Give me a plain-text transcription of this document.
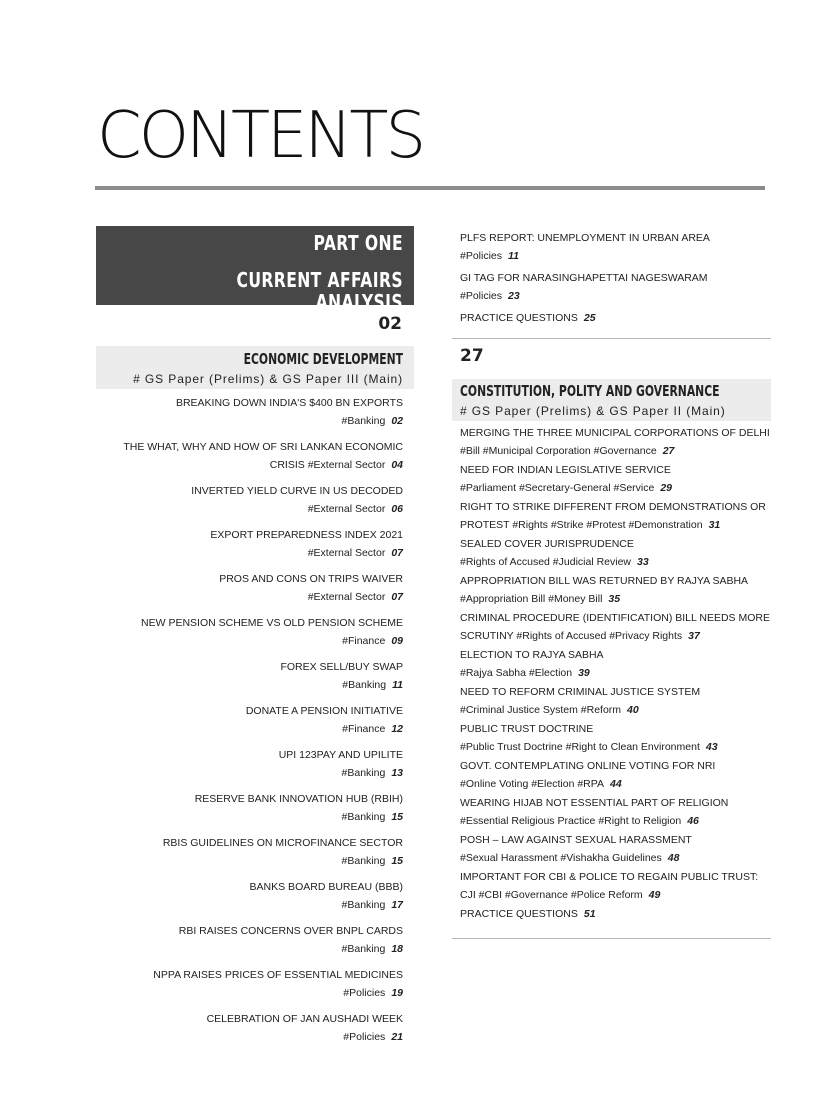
CONTENTS
PART ONE
CURRENT AFFAIRS ANALYSIS
02
ECONOMIC DEVELOPMENT
# GS Paper (Prelims) & GS Paper III (Main)
BREAKING DOWN INDIA'S $400 BN EXPORTS
#Banking 02
THE WHAT, WHY AND HOW OF SRI LANKAN ECONOMIC
CRISIS #External Sector 04
INVERTED YIELD CURVE IN US DECODED
#External Sector 06
EXPORT PREPAREDNESS INDEX 2021
#External Sector 07
PROS AND CONS ON TRIPS WAIVER
#External Sector 07
NEW PENSION SCHEME VS OLD PENSION SCHEME
#Finance 09
FOREX SELL/BUY SWAP
#Banking 11
DONATE A PENSION INITIATIVE
#Finance 12
UPI 123PAY AND UPILITE
#Banking 13
RESERVE BANK INNOVATION HUB (RBIH)
#Banking 15
RBIS GUIDELINES ON MICROFINANCE SECTOR
#Banking 15
BANKS BOARD BUREAU (BBB)
#Banking 17
RBI RAISES CONCERNS OVER BNPL CARDS
#Banking 18
NPPA RAISES PRICES OF ESSENTIAL MEDICINES
#Policies 19
CELEBRATION OF JAN AUSHADI WEEK
#Policies 21
PLFS REPORT: UNEMPLOYMENT IN URBAN AREA
#Policies 11
GI TAG FOR NARASINGHAPETTAI NAGESWARAM
#Policies 23
PRACTICE QUESTIONS 25
27
CONSTITUTION, POLITY AND GOVERNANCE
# GS Paper (Prelims) & GS Paper II (Main)
MERGING THE THREE MUNICIPAL CORPORATIONS OF DELHI
#Bill #Municipal Corporation #Governance 27
NEED FOR INDIAN LEGISLATIVE SERVICE
#Parliament #Secretary-General #Service 29
RIGHT TO STRIKE DIFFERENT FROM DEMONSTRATIONS OR
PROTEST #Rights #Strike #Protest #Demonstration 31
SEALED COVER JURISPRUDENCE
#Rights of Accused #Judicial Review 33
APPROPRIATION BILL WAS RETURNED BY RAJYA SABHA
#Appropriation Bill #Money Bill 35
CRIMINAL PROCEDURE (IDENTIFICATION) BILL NEEDS MORE
SCRUTINY #Rights of Accused #Privacy Rights 37
ELECTION TO RAJYA SABHA
#Rajya Sabha #Election 39
NEED TO REFORM CRIMINAL JUSTICE SYSTEM
#Criminal Justice System #Reform 40
PUBLIC TRUST DOCTRINE
#Public Trust Doctrine #Right to Clean Environment 43
GOVT. CONTEMPLATING ONLINE VOTING FOR NRI
#Online Voting #Election #RPA 44
WEARING HIJAB NOT ESSENTIAL PART OF RELIGION
#Essential Religious Practice #Right to Religion 46
POSH – LAW AGAINST SEXUAL HARASSMENT
#Sexual Harassment #Vishakha Guidelines 48
IMPORTANT FOR CBI & POLICE TO REGAIN PUBLIC TRUST:
CJI #CBI #Governance #Police Reform 49
PRACTICE QUESTIONS 51
